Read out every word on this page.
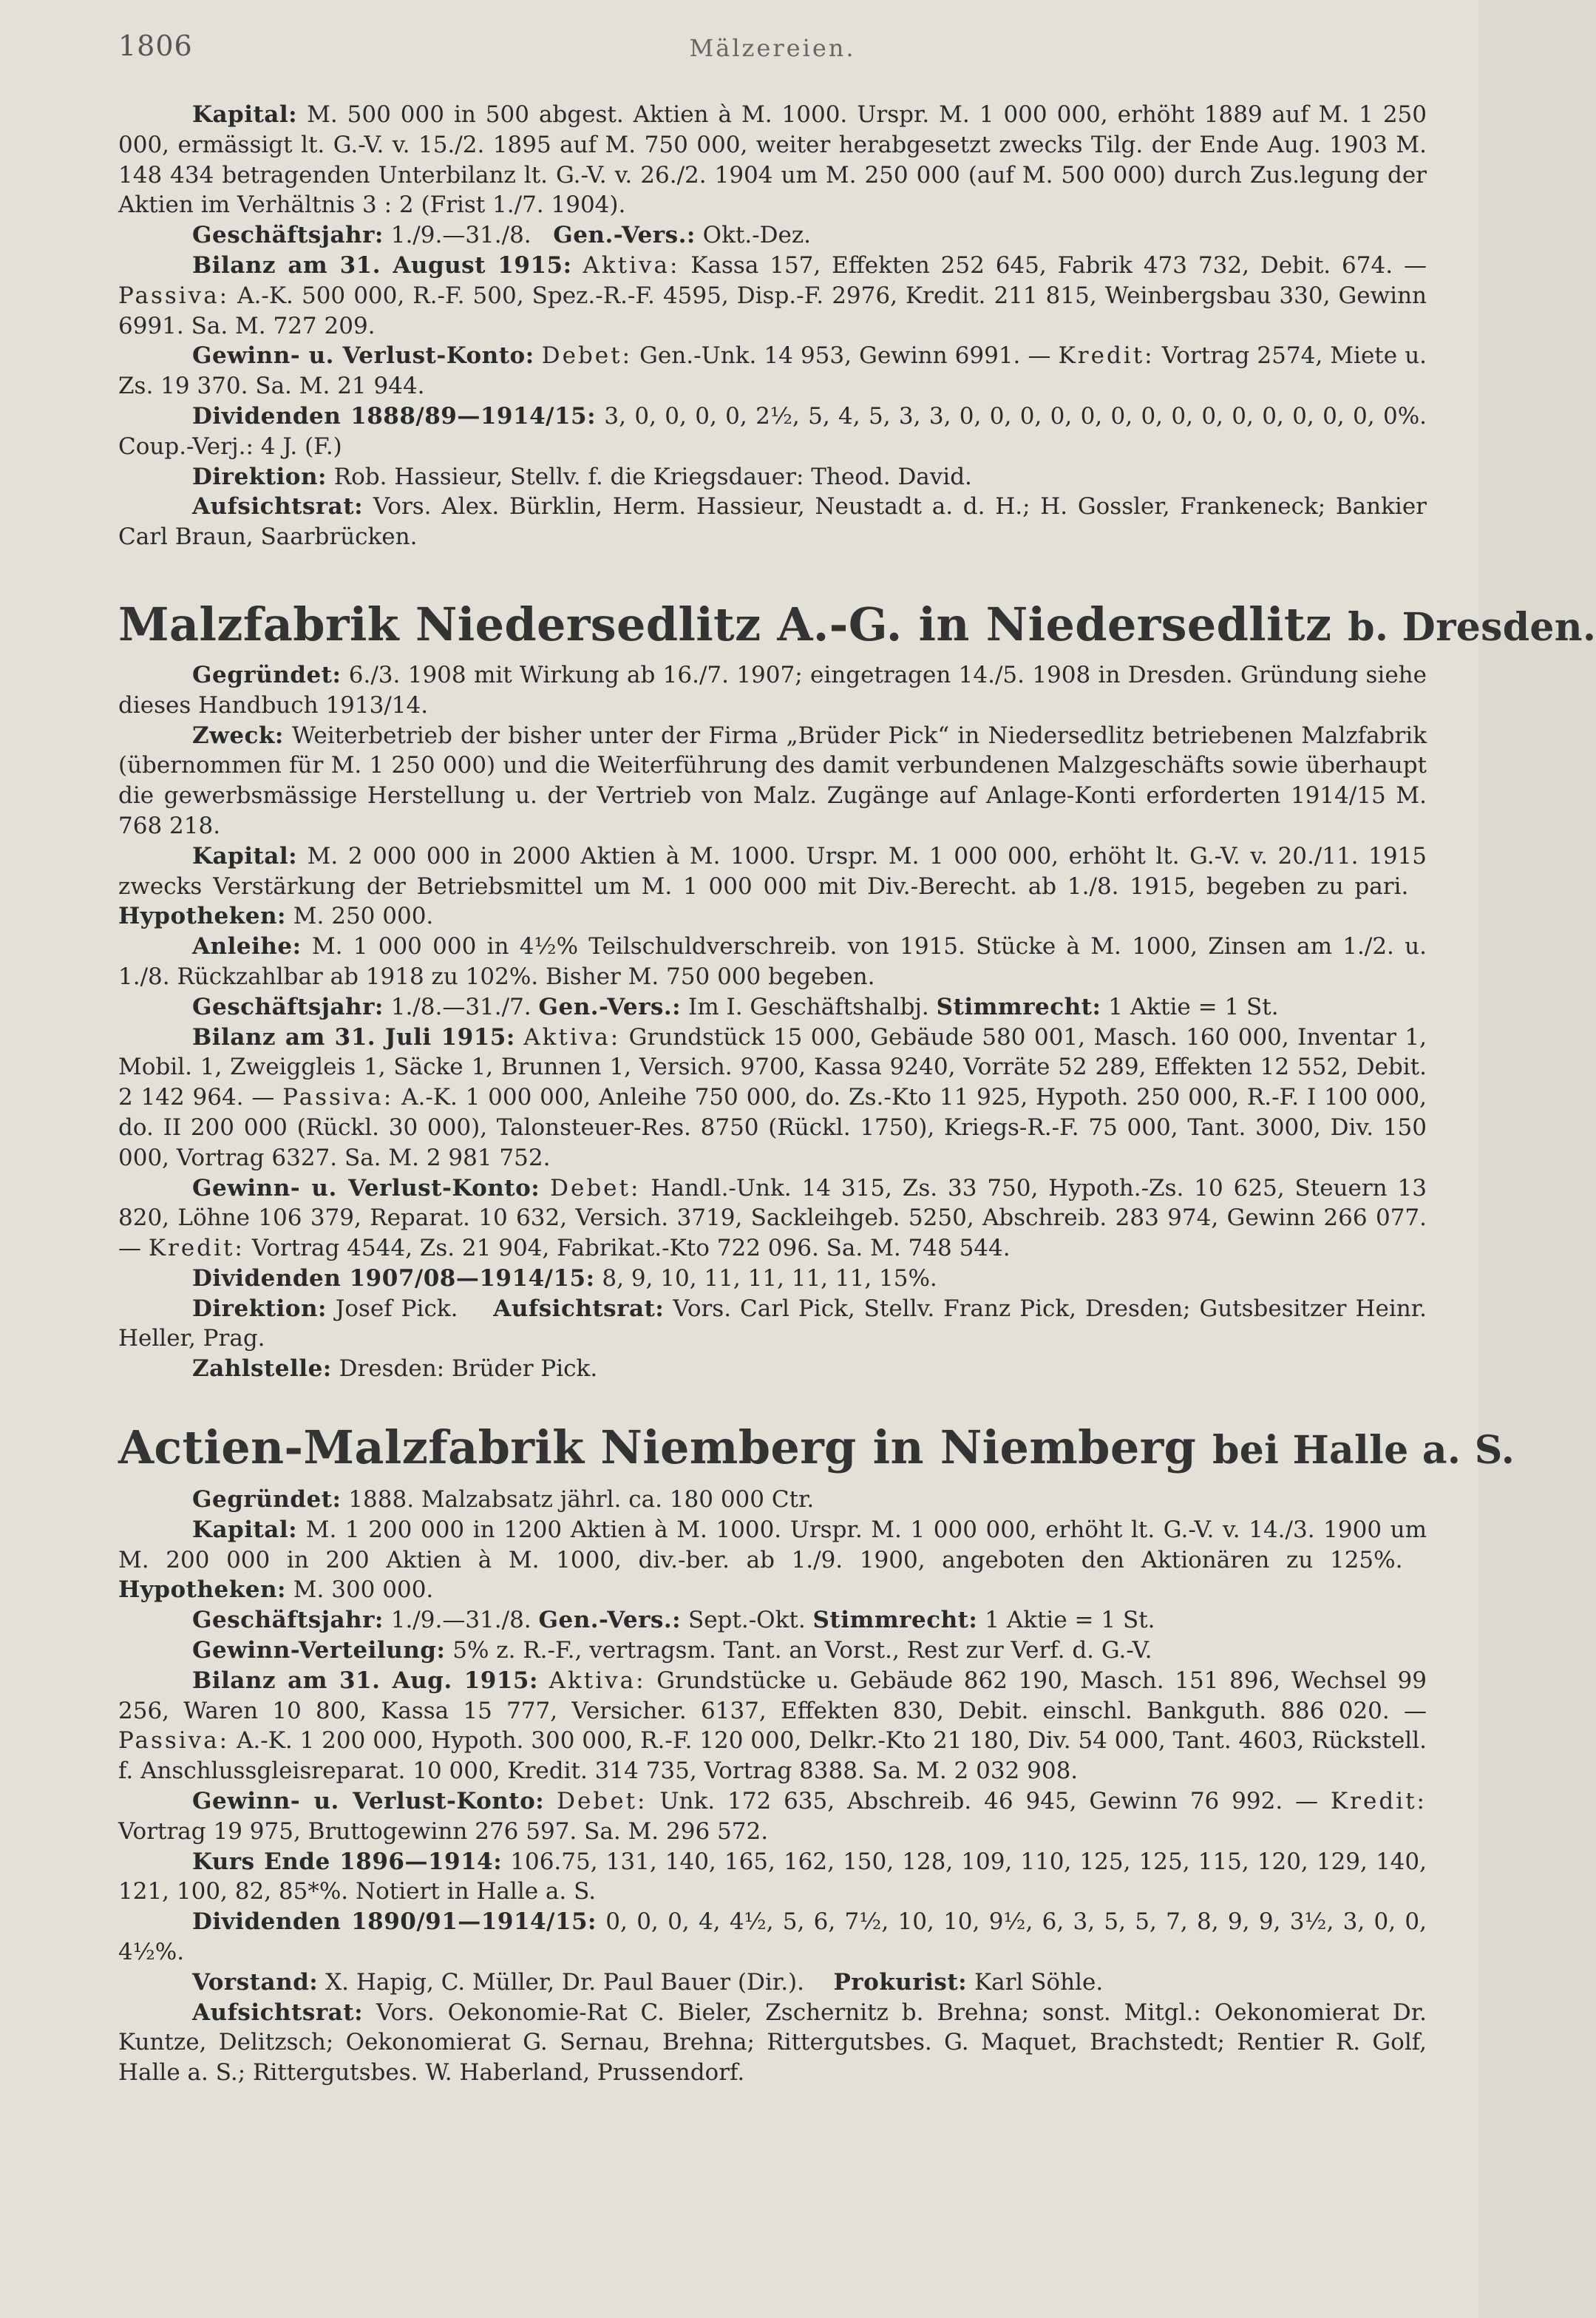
1806	Mälzereien.

Kapital: M. 500 000 in 500 abgest. Aktien à M. 1000. Urspr. M. 1 000 000, erhöht 1889 auf M. 1 250 000, ermässigt lt. G.-V. v. 15./2. 1895 auf M. 750 000, weiter herabgesetzt zwecks Tilg. der Ende Aug. 1903 M. 148 434 betragenden Unterbilanz lt. G.-V. v. 26./2. 1904 um M. 250 000 (auf M. 500 000) durch Zus.legung der Aktien im Verhältnis 3 : 2 (Frist 1./7. 1904).

Geschäftsjahr: 1./9.—31./8. Gen.-Vers.: Okt.-Dez.

Bilanz am 31. August 1915: Aktiva: Kassa 157, Effekten 252 645, Fabrik 473 732, Debit. 674. — Passiva: A.-K. 500 000, R.-F. 500, Spez.-R.-F. 4595, Disp.-F. 2976, Kredit. 211 815, Weinbergsbau 330, Gewinn 6991. Sa. M. 727 209.

Gewinn- u. Verlust-Konto: Debet: Gen.-Unk. 14 953, Gewinn 6991. — Kredit: Vortrag 2574, Miete u. Zs. 19 370. Sa. M. 21 944.

Dividenden 1888/89—1914/15: 3, 0, 0, 0, 0, 2½, 5, 4, 5, 3, 3, 0, 0, 0, 0, 0, 0, 0, 0, 0, 0, 0, 0, 0, 0, 0%. Coup.-Verj.: 4 J. (F.)

Direktion: Rob. Hassieur, Stellv. f. die Kriegsdauer: Theod. David.

Aufsichtsrat: Vors. Alex. Bürklin, Herm. Hassieur, Neustadt a. d. H.; H. Gossler, Frankeneck; Bankier Carl Braun, Saarbrücken.

Malzfabrik Niedersedlitz A.-G. in Niedersedlitz b. Dresden.

Gegründet: 6./3. 1908 mit Wirkung ab 16./7. 1907; eingetragen 14./5. 1908 in Dresden. Gründung siehe dieses Handbuch 1913/14.

Zweck: Weiterbetrieb der bisher unter der Firma „Brüder Pick“ in Niedersedlitz betriebenen Malzfabrik (übernommen für M. 1 250 000) und die Weiterführung des damit verbundenen Malzgeschäfts sowie überhaupt die gewerbsmässige Herstellung u. der Vertrieb von Malz. Zugänge auf Anlage-Konti erforderten 1914/15 M. 768 218.

Kapital: M. 2 000 000 in 2000 Aktien à M. 1000. Urspr. M. 1 000 000, erhöht lt. G.-V. v. 20./11. 1915 zwecks Verstärkung der Betriebsmittel um M. 1 000 000 mit Div.-Berecht. ab 1./8. 1915, begeben zu pari.   Hypotheken: M. 250 000.

Anleihe: M. 1 000 000 in 4½% Teilschuldverschreib. von 1915. Stücke à M. 1000, Zinsen am 1./2. u. 1./8. Rückzahlbar ab 1918 zu 102%. Bisher M. 750 000 begeben.

Geschäftsjahr: 1./8.—31./7. Gen.-Vers.: Im I. Geschäftshalbj. Stimmrecht: 1 Aktie = 1 St.

Bilanz am 31. Juli 1915: Aktiva: Grundstück 15 000, Gebäude 580 001, Masch. 160 000, Inventar 1, Mobil. 1, Zweiggleis 1, Säcke 1, Brunnen 1, Versich. 9700, Kassa 9240, Vorräte 52 289, Effekten 12 552, Debit. 2 142 964. — Passiva: A.-K. 1 000 000, Anleihe 750 000, do. Zs.-Kto 11 925, Hypoth. 250 000, R.-F. I 100 000, do. II 200 000 (Rückl. 30 000), Talonsteuer-Res. 8750 (Rückl. 1750), Kriegs-R.-F. 75 000, Tant. 3000, Div. 150 000, Vortrag 6327. Sa. M. 2 981 752.

Gewinn- u. Verlust-Konto: Debet: Handl.-Unk. 14 315, Zs. 33 750, Hypoth.-Zs. 10 625, Steuern 13 820, Löhne 106 379, Reparat. 10 632, Versich. 3719, Sackleihgeb. 5250, Abschreib. 283 974, Gewinn 266 077. — Kredit: Vortrag 4544, Zs. 21 904, Fabrikat.-Kto 722 096. Sa. M. 748 544.

Dividenden 1907/08—1914/15: 8, 9, 10, 11, 11, 11, 11, 15%.

Direktion: Josef Pick. Aufsichtsrat: Vors. Carl Pick, Stellv. Franz Pick, Dresden; Gutsbesitzer Heinr. Heller, Prag.

Zahlstelle: Dresden: Brüder Pick.

Actien-Malzfabrik Niemberg in Niemberg bei Halle a. S.

Gegründet: 1888. Malzabsatz jährl. ca. 180 000 Ctr.

Kapital: M. 1 200 000 in 1200 Aktien à M. 1000. Urspr. M. 1 000 000, erhöht lt. G.-V. v. 14./3. 1900 um M. 200 000 in 200 Aktien à M. 1000, div.-ber. ab 1./9. 1900, angeboten den Aktionären zu 125%.   Hypotheken: M. 300 000.

Geschäftsjahr: 1./9.—31./8. Gen.-Vers.: Sept.-Okt. Stimmrecht: 1 Aktie = 1 St.

Gewinn-Verteilung: 5% z. R.-F., vertragsm. Tant. an Vorst., Rest zur Verf. d. G.-V.

Bilanz am 31. Aug. 1915: Aktiva: Grundstücke u. Gebäude 862 190, Masch. 151 896, Wechsel 99 256, Waren 10 800, Kassa 15 777, Versicher. 6137, Effekten 830, Debit. einschl. Bankguth. 886 020. — Passiva: A.-K. 1 200 000, Hypoth. 300 000, R.-F. 120 000, Delkr.-Kto 21 180, Div. 54 000, Tant. 4603, Rückstell. f. Anschlussgleisreparat. 10 000, Kredit. 314 735, Vortrag 8388. Sa. M. 2 032 908.

Gewinn- u. Verlust-Konto: Debet: Unk. 172 635, Abschreib. 46 945, Gewinn 76 992. — Kredit: Vortrag 19 975, Bruttogewinn 276 597. Sa. M. 296 572.

Kurs Ende 1896—1914: 106.75, 131, 140, 165, 162, 150, 128, 109, 110, 125, 125, 115, 120, 129, 140, 121, 100, 82, 85*%. Notiert in Halle a. S.

Dividenden 1890/91—1914/15: 0, 0, 0, 4, 4½, 5, 6, 7½, 10, 10, 9½, 6, 3, 5, 5, 7, 8, 9, 9, 3½, 3, 0, 0, 4½%.

Vorstand: X. Hapig, C. Müller, Dr. Paul Bauer (Dir.). Prokurist: Karl Söhle.

Aufsichtsrat: Vors. Oekonomie-Rat C. Bieler, Zschernitz b. Brehna; sonst. Mitgl.: Oekonomierat Dr. Kuntze, Delitzsch; Oekonomierat G. Sernau, Brehna; Rittergutsbes. G. Maquet, Brachstedt; Rentier R. Golf, Halle a. S.; Rittergutsbes. W. Haberland, Prussendorf.
